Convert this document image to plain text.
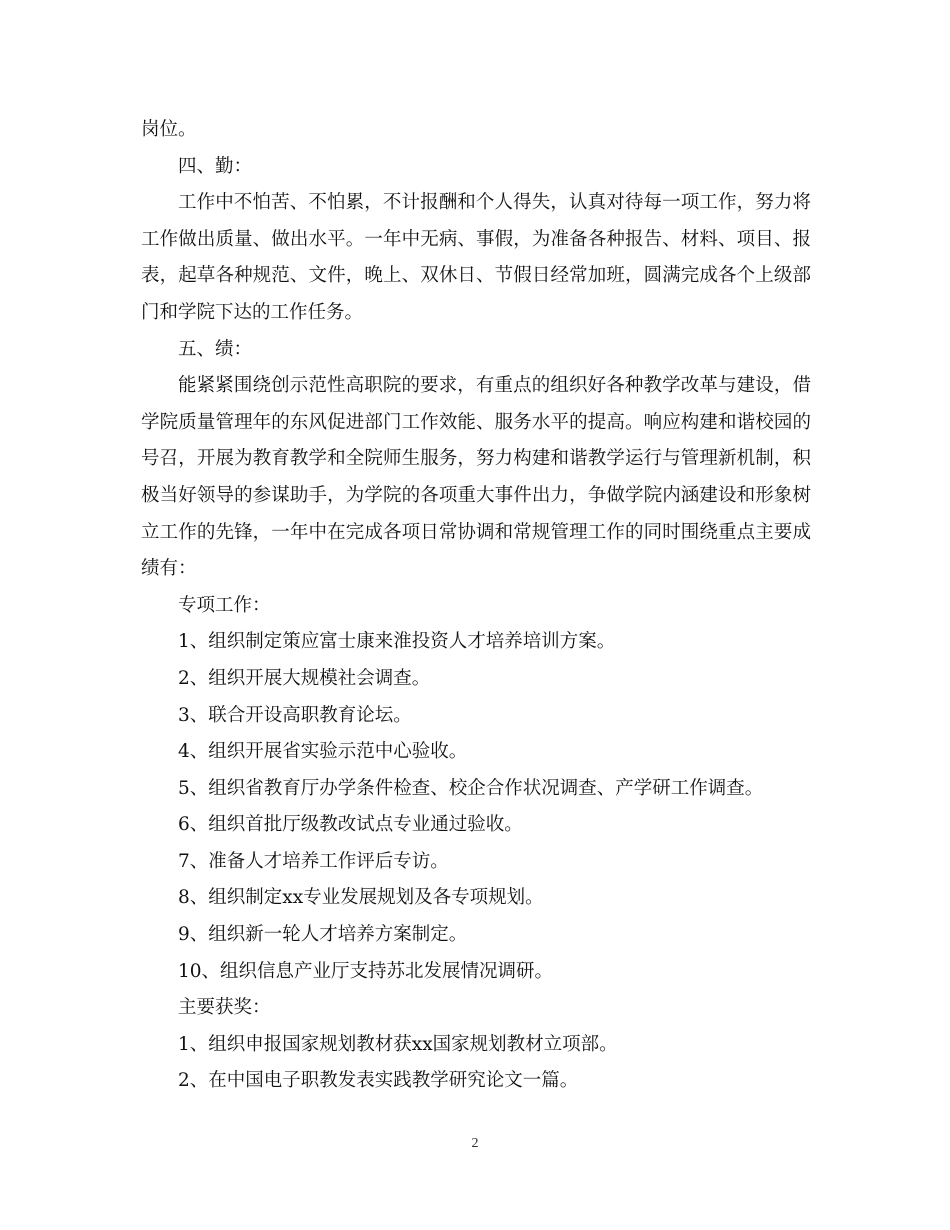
岗位。

四、勤：

工作中不怕苦、不怕累，不计报酬和个人得失，认真对待每一项工作，努力将工作做出质量、做出水平。一年中无病、事假，为准备各种报告、材料、项目、报表，起草各种规范、文件，晚上、双休日、节假日经常加班，圆满完成各个上级部门和学院下达的工作任务。

五、绩：

能紧紧围绕创示范性高职院的要求，有重点的组织好各种教学改革与建设，借学院质量管理年的东风促进部门工作效能、服务水平的提高。响应构建和谐校园的号召，开展为教育教学和全院师生服务，努力构建和谐教学运行与管理新机制，积极当好领导的参谋助手，为学院的各项重大事件出力，争做学院内涵建设和形象树立工作的先锋，一年中在完成各项日常协调和常规管理工作的同时围绕重点主要成绩有：

专项工作：

1、组织制定策应富士康来淮投资人才培养培训方案。

2、组织开展大规模社会调查。

3、联合开设高职教育论坛。

4、组织开展省实验示范中心验收。

5、组织省教育厅办学条件检查、校企合作状况调查、产学研工作调查。

6、组织首批厅级教改试点专业通过验收。

7、准备人才培养工作评后专访。

8、组织制定xx专业发展规划及各专项规划。

9、组织新一轮人才培养方案制定。

10、组织信息产业厅支持苏北发展情况调研。

主要获奖：

1、组织申报国家规划教材获xx国家规划教材立项部。

2、在中国电子职教发表实践教学研究论文一篇。

2
